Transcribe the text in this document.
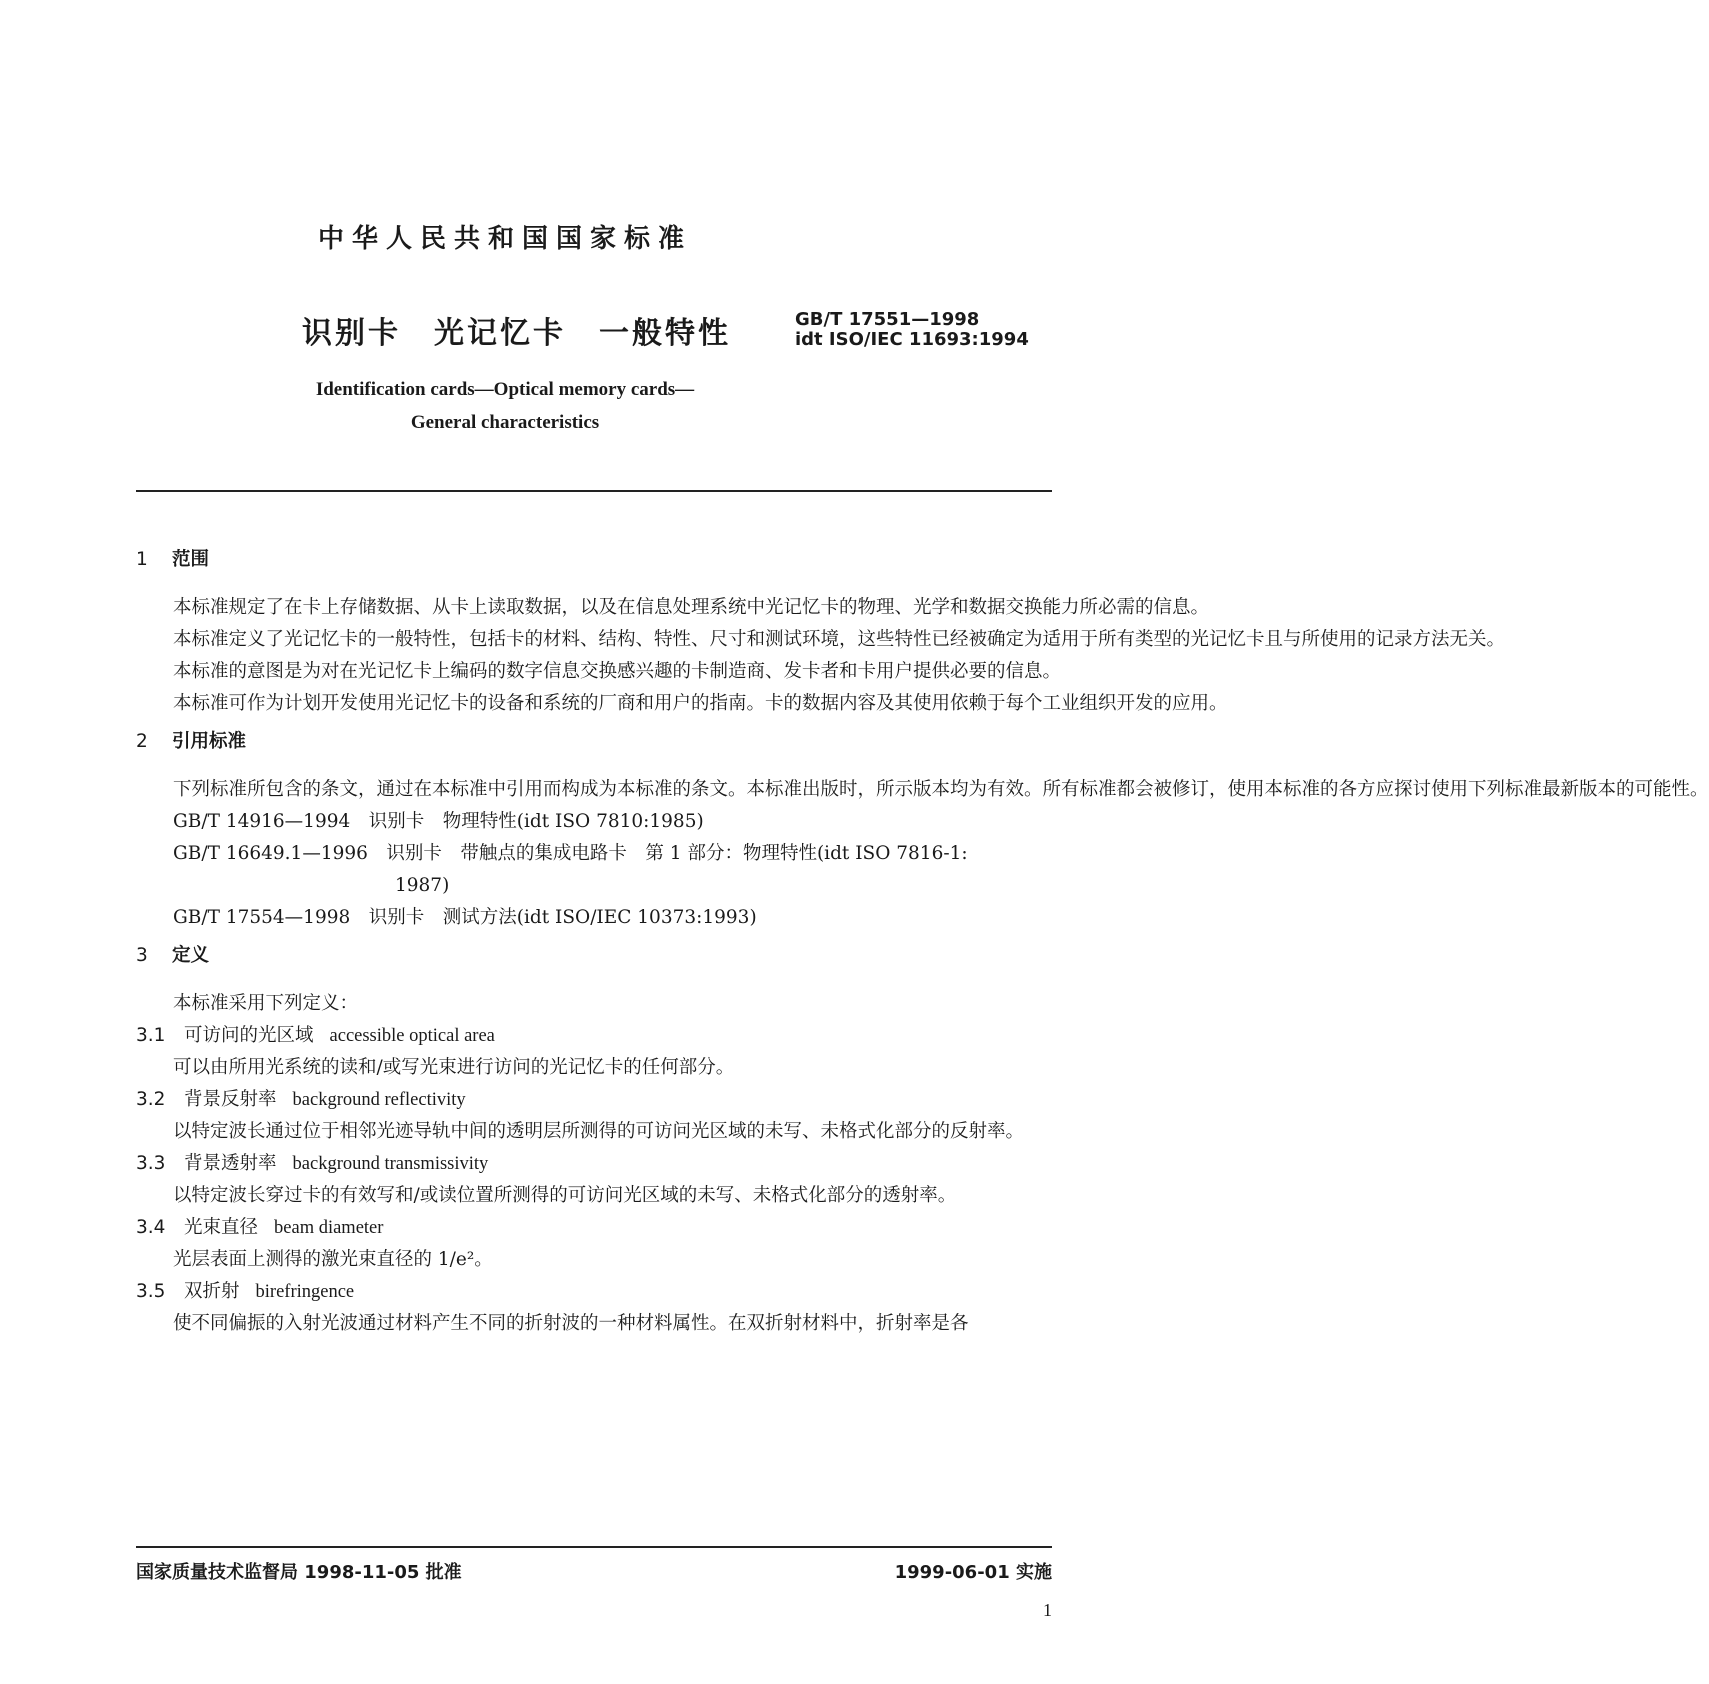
中华人民共和国国家标准
识别卡　光记忆卡　一般特性	GB/T 17551—1998
idt ISO/IEC 11693:1994
Identification cards—Optical memory cards—
General characteristics

1 范围

本标准规定了在卡上存储数据、从卡上读取数据，以及在信息处理系统中光记忆卡的物理、光学和数据交换能力所必需的信息。

本标准定义了光记忆卡的一般特性，包括卡的材料、结构、特性、尺寸和测试环境，这些特性已经被确定为适用于所有类型的光记忆卡且与所使用的记录方法无关。

本标准的意图是为对在光记忆卡上编码的数字信息交换感兴趣的卡制造商、发卡者和卡用户提供必要的信息。

本标准可作为计划开发使用光记忆卡的设备和系统的厂商和用户的指南。卡的数据内容及其使用依赖于每个工业组织开发的应用。

2 引用标准

下列标准所包含的条文，通过在本标准中引用而构成为本标准的条文。本标准出版时，所示版本均为有效。所有标准都会被修订，使用本标准的各方应探讨使用下列标准最新版本的可能性。

GB/T 14916—1994　识别卡　物理特性(idt ISO 7810:1985)

GB/T 16649.1—1996　识别卡　带触点的集成电路卡　第 1 部分：物理特性(idt ISO 7816-1:

1987)

GB/T 17554—1998　识别卡　测试方法(idt ISO/IEC 10373:1993)

3 定义

本标准采用下列定义：

3.1 可访问的光区域 accessible optical area

可以由所用光系统的读和/或写光束进行访问的光记忆卡的任何部分。

3.2 背景反射率 background reflectivity

以特定波长通过位于相邻光迹导轨中间的透明层所测得的可访问光区域的未写、未格式化部分的反射率。

3.3 背景透射率 background transmissivity

以特定波长穿过卡的有效写和/或读位置所测得的可访问光区域的未写、未格式化部分的透射率。

3.4 光束直径 beam diameter

光层表面上测得的激光束直径的 1/e²。

3.5 双折射 birefringence

使不同偏振的入射光波通过材料产生不同的折射波的一种材料属性。在双折射材料中，折射率是各

国家质量技术监督局 1998-11-05 批准	1999-06-01 实施
1
